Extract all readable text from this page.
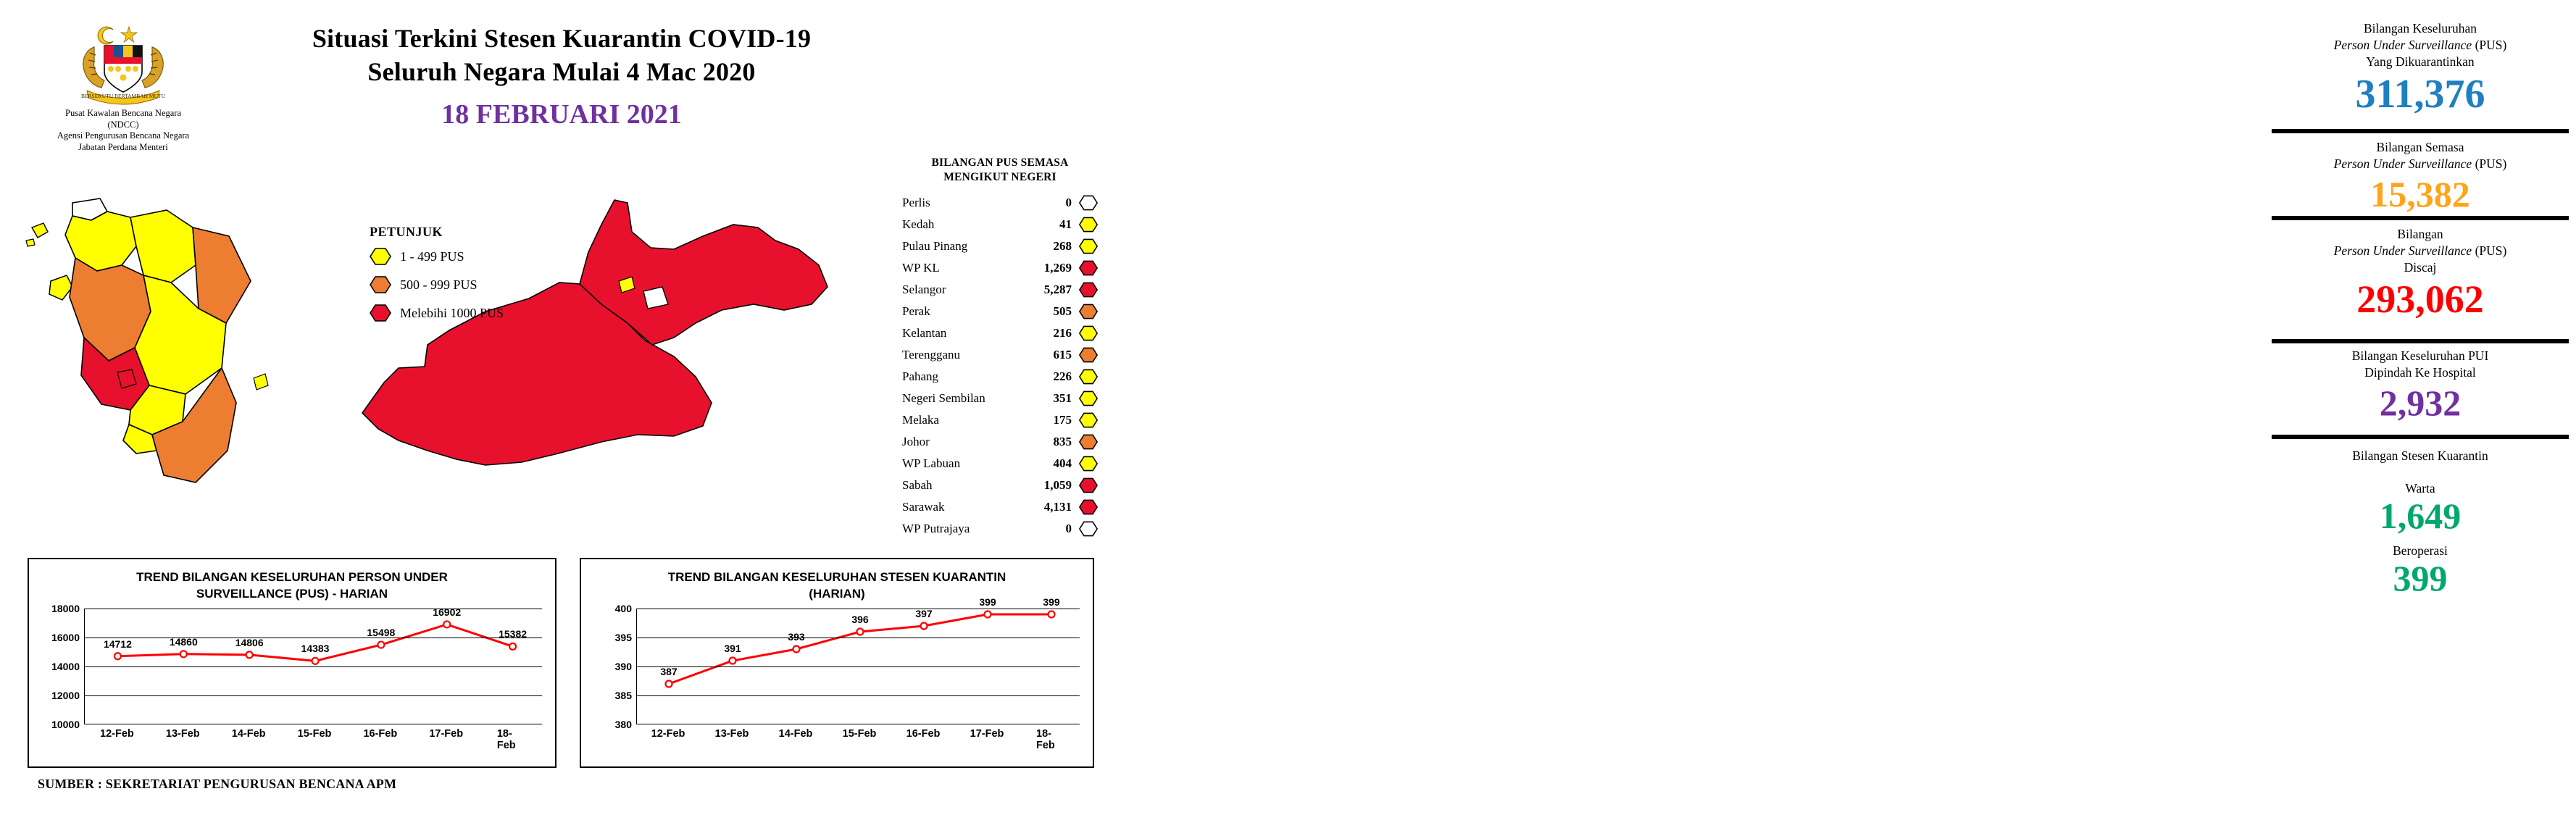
BERSEKUTU BERTAMBAH MUTU
Pusat Kawalan Bencana Negara (NDCC)
Agensi Pengurusan Bencana Negara
Jabatan Perdana Menteri
Situasi Terkini Stesen Kuarantin COVID-19
Seluruh Negara Mulai 4 Mac 2020
18 FEBRUARI 2021
PETUNJUK
1 - 499 PUS
500 - 999 PUS
Melebihi 1000 PUS
BILANGAN PUS SEMASA
MENGIKUT NEGERI
Perlis	0
Kedah	41
Pulau Pinang	268
WP KL	1,269
Selangor	5,287
Perak	505
Kelantan	216
Terengganu	615
Pahang	226
Negeri Sembilan	351
Melaka	175
Johor	835
WP Labuan	404
Sabah	1,059
Sarawak	4,131
WP Putrajaya	0
TREND BILANGAN KESELURUHAN PERSON UNDER
SURVEILLANCE (PUS) - HARIAN
10000
12000
14000
16000
18000
14712	14860	14806
14383
15498
16902
15382
12-Feb	13-Feb	14-Feb	15-Feb	16-Feb	17-Feb	18-Feb
TREND BILANGAN KESELURUHAN STESEN KUARANTIN
(HARIAN)
380
385
390
395
400
387
391
393
396	397
399	399
12-Feb	13-Feb	14-Feb	15-Feb	16-Feb	17-Feb	18-Feb
SUMBER : SEKRETARIAT PENGURUSAN BENCANA APM
Bilangan Keseluruhan
Person Under Surveillance (PUS)
Yang Dikuarantinkan
311,376
Bilangan Semasa
Person Under Surveillance (PUS)
15,382
Bilangan
Person Under Surveillance (PUS)
Discaj
293,062
Bilangan Keseluruhan PUI
Dipindah Ke Hospital
2,932
Bilangan Stesen Kuarantin
Warta
1,649
Beroperasi
399
